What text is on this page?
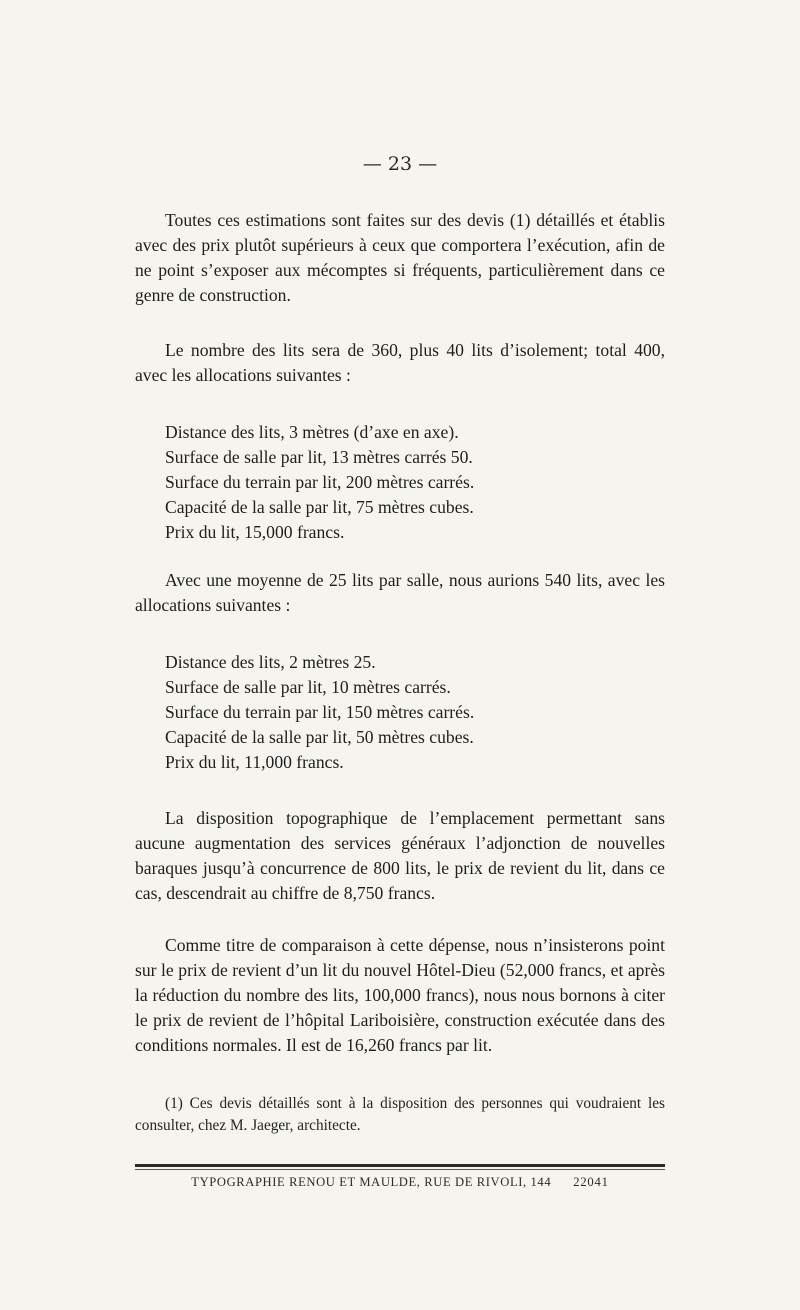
— 23 —

Toutes ces estimations sont faites sur des devis (1) détaillés et établis avec des prix plutôt supérieurs à ceux que comportera l’exécution, afin de ne point s’exposer aux mécomptes si fréquents, particulièrement dans ce genre de construction.

Le nombre des lits sera de 360, plus 40 lits d’isolement; total 400, avec les allocations suivantes :

Distance des lits, 3 mètres (d’axe en axe).
Surface de salle par lit, 13 mètres carrés 50.
Surface du terrain par lit, 200 mètres carrés.
Capacité de la salle par lit, 75 mètres cubes.
Prix du lit, 15,000 francs.

Avec une moyenne de 25 lits par salle, nous aurions 540 lits, avec les allocations suivantes :

Distance des lits, 2 mètres 25.
Surface de salle par lit, 10 mètres carrés.
Surface du terrain par lit, 150 mètres carrés.
Capacité de la salle par lit, 50 mètres cubes.
Prix du lit, 11,000 francs.

La disposition topographique de l’emplacement permettant sans aucune augmentation des services généraux l’adjonction de nouvelles baraques jusqu’à concurrence de 800 lits, le prix de revient du lit, dans ce cas, descendrait au chiffre de 8,750 francs.

Comme titre de comparaison à cette dépense, nous n’insisterons point sur le prix de revient d’un lit du nouvel Hôtel-Dieu (52,000 francs, et après la réduction du nombre des lits, 100,000 francs), nous nous bornons à citer le prix de revient de l’hôpital Lariboisière, construction exécutée dans des conditions normales. Il est de 16,260 francs par lit.

(1) Ces devis détaillés sont à la disposition des personnes qui voudraient les consulter, chez M. Jaeger, architecte.

TYPOGRAPHIE RENOU ET MAULDE, RUE DE RIVOLI, 144 22041
